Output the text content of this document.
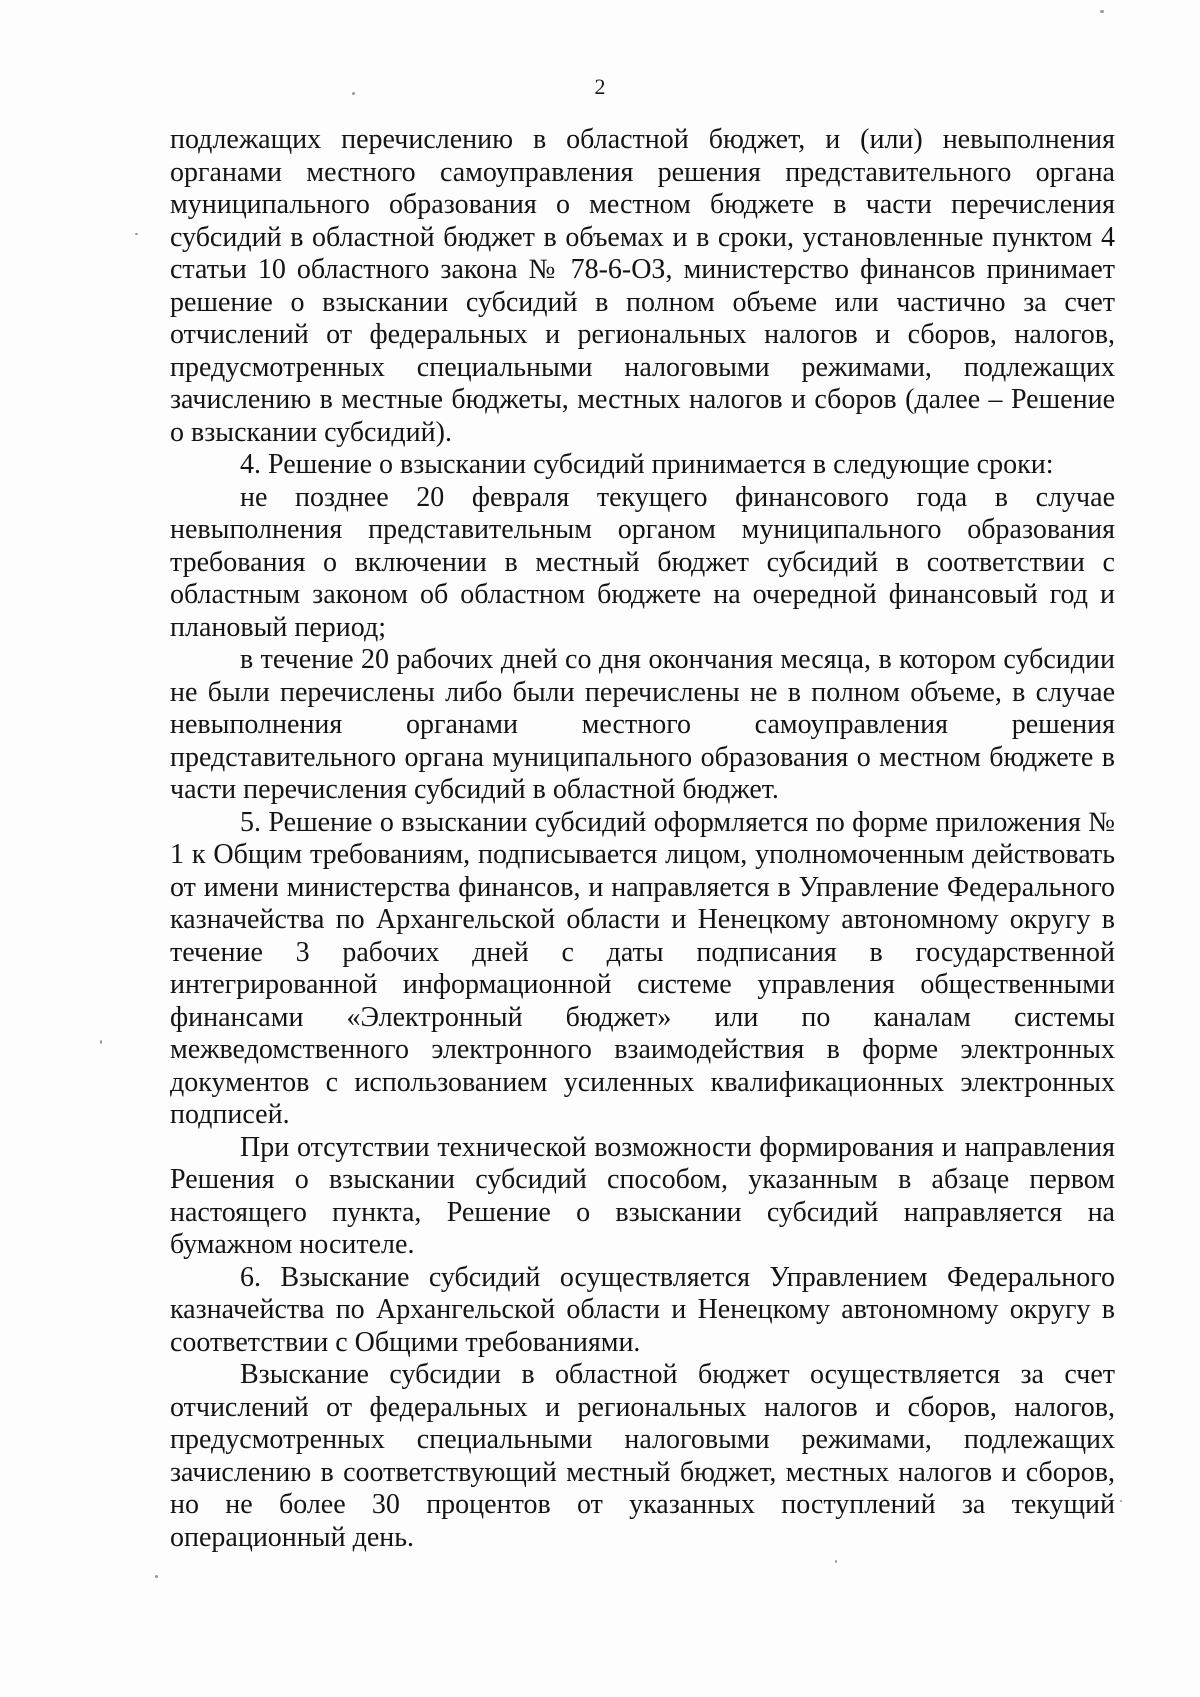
2

подлежащих перечислению в областной бюджет, и (или) невыполнения органами местного самоуправления решения представительного органа муниципального образования о местном бюджете в части перечисления субсидий в областной бюджет в объемах и в сроки, установленные пунктом 4 статьи 10 областного закона № 78-6-ОЗ, министерство финансов принимает решение о взыскании субсидий в полном объеме или частично за счет отчислений от федеральных и региональных налогов и сборов, налогов, предусмотренных специальными налоговыми режимами, подлежащих зачислению в местные бюджеты, местных налогов и сборов (далее – Решение о взыскании субсидий).

4. Решение о взыскании субсидий принимается в следующие сроки:

не позднее 20 февраля текущего финансового года в случае невыполнения представительным органом муниципального образования требования о включении в местный бюджет субсидий в соответствии с областным законом об областном бюджете на очередной финансовый год и плановый период;

в течение 20 рабочих дней со дня окончания месяца, в котором субсидии не были перечислены либо были перечислены не в полном объеме, в случае невыполнения органами местного самоуправления решения представительного органа муниципального образования о местном бюджете в части перечисления субсидий в областной бюджет.

5. Решение о взыскании субсидий оформляется по форме приложения № 1 к Общим требованиям, подписывается лицом, уполномоченным действовать от имени министерства финансов, и направляется в Управление Федерального казначейства по Архангельской области и Ненецкому автономному округу в течение 3 рабочих дней с даты подписания в государственной интегрированной информационной системе управления общественными финансами «Электронный бюджет» или по каналам системы межведомственного электронного взаимодействия в форме электронных документов с использованием усиленных квалификационных электронных подписей.

При отсутствии технической возможности формирования и направления Решения о взыскании субсидий способом, указанным в абзаце первом настоящего пункта, Решение о взыскании субсидий направляется на бумажном носителе.

6. Взыскание субсидий осуществляется Управлением Федерального казначейства по Архангельской области и Ненецкому автономному округу в соответствии с Общими требованиями.

Взыскание субсидии в областной бюджет осуществляется за счет отчислений от федеральных и региональных налогов и сборов, налогов, предусмотренных специальными налоговыми режимами, подлежащих зачислению в соответствующий местный бюджет, местных налогов и сборов, но не более 30 процентов от указанных поступлений за текущий операционный день.
